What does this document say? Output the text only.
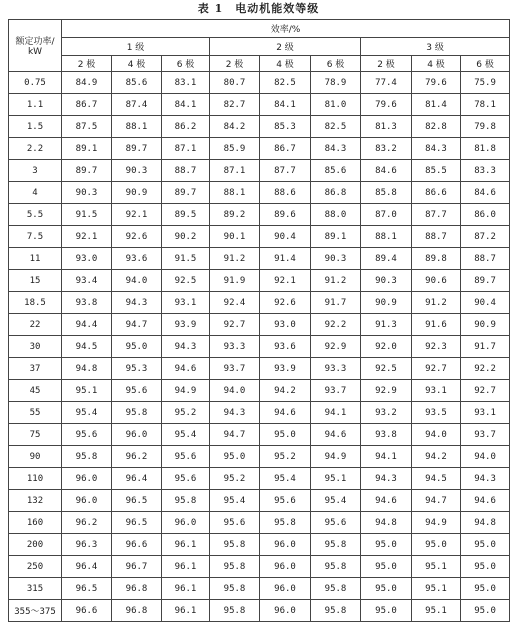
表 1　电动机能效等级
额定功率/
kW	效率/%								
	1 级			2 级			3 级		
	2 极	4 极	6 极	2 极	4 极	6 极	2 极	4 极	6 极
0.75	84.9	85.6	83.1	80.7	82.5	78.9	77.4	79.6	75.9
1.1	86.7	87.4	84.1	82.7	84.1	81.0	79.6	81.4	78.1
1.5	87.5	88.1	86.2	84.2	85.3	82.5	81.3	82.8	79.8
2.2	89.1	89.7	87.1	85.9	86.7	84.3	83.2	84.3	81.8
3	89.7	90.3	88.7	87.1	87.7	85.6	84.6	85.5	83.3
4	90.3	90.9	89.7	88.1	88.6	86.8	85.8	86.6	84.6
5.5	91.5	92.1	89.5	89.2	89.6	88.0	87.0	87.7	86.0
7.5	92.1	92.6	90.2	90.1	90.4	89.1	88.1	88.7	87.2
11	93.0	93.6	91.5	91.2	91.4	90.3	89.4	89.8	88.7
15	93.4	94.0	92.5	91.9	92.1	91.2	90.3	90.6	89.7
18.5	93.8	94.3	93.1	92.4	92.6	91.7	90.9	91.2	90.4
22	94.4	94.7	93.9	92.7	93.0	92.2	91.3	91.6	90.9
30	94.5	95.0	94.3	93.3	93.6	92.9	92.0	92.3	91.7
37	94.8	95.3	94.6	93.7	93.9	93.3	92.5	92.7	92.2
45	95.1	95.6	94.9	94.0	94.2	93.7	92.9	93.1	92.7
55	95.4	95.8	95.2	94.3	94.6	94.1	93.2	93.5	93.1
75	95.6	96.0	95.4	94.7	95.0	94.6	93.8	94.0	93.7
90	95.8	96.2	95.6	95.0	95.2	94.9	94.1	94.2	94.0
110	96.0	96.4	95.6	95.2	95.4	95.1	94.3	94.5	94.3
132	96.0	96.5	95.8	95.4	95.6	95.4	94.6	94.7	94.6
160	96.2	96.5	96.0	95.6	95.8	95.6	94.8	94.9	94.8
200	96.3	96.6	96.1	95.8	96.0	95.8	95.0	95.0	95.0
250	96.4	96.7	96.1	95.8	96.0	95.8	95.0	95.1	95.0
315	96.5	96.8	96.1	95.8	96.0	95.8	95.0	95.1	95.0
355～375	96.6	96.8	96.1	95.8	96.0	95.8	95.0	95.1	95.0
